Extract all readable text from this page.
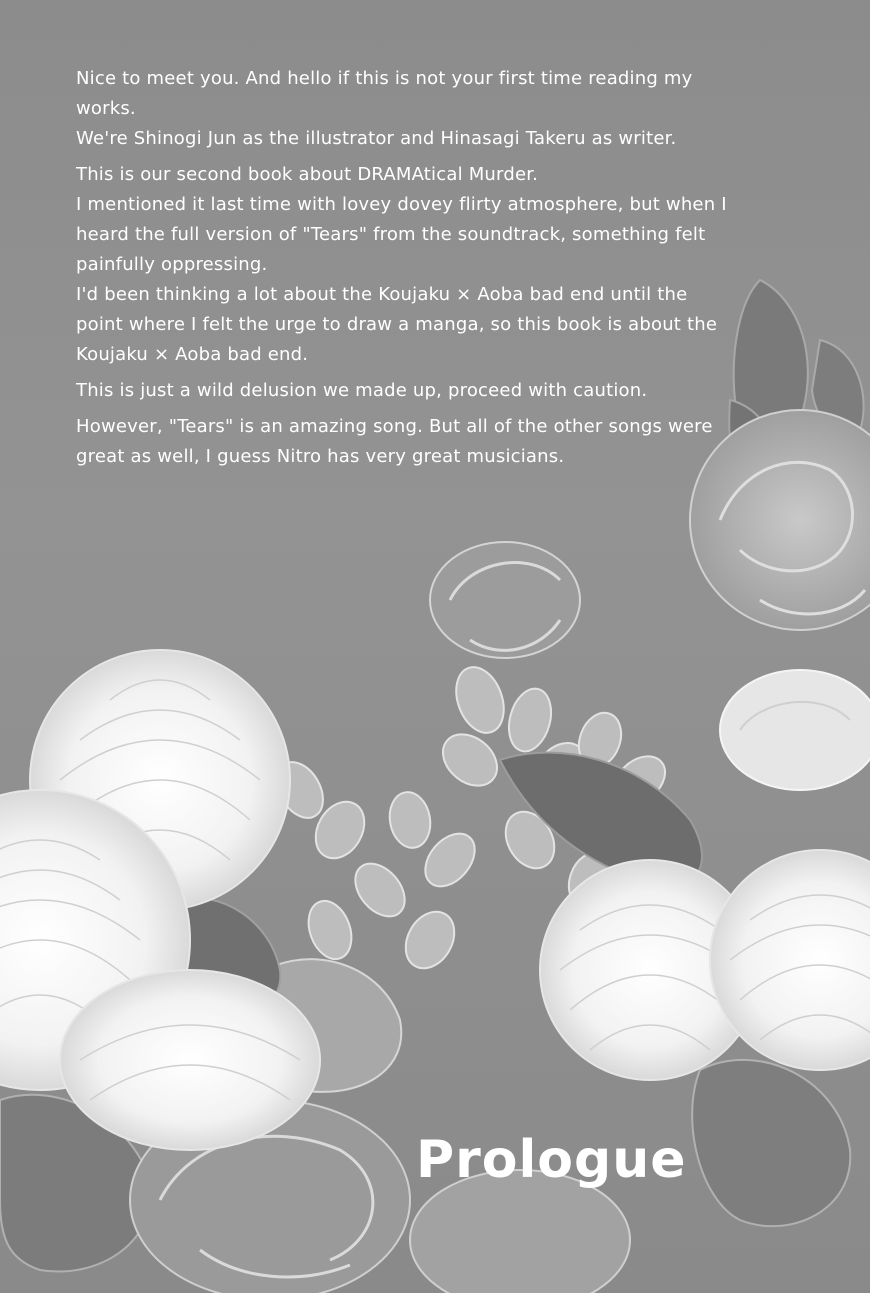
Nice to meet you. And hello if this is not your first time reading my works.
We're Shinogi Jun as the illustrator and Hinasagi Takeru as writer.

This is our second book about DRAMAtical Murder.
I mentioned it last time with lovey dovey flirty atmosphere, but when I heard the full version of "Tears" from the soundtrack, something felt painfully oppressing.
I'd been thinking a lot about the Koujaku × Aoba bad end until the point where I felt the urge to draw a manga, so this book is about the Koujaku × Aoba bad end.

This is just a wild delusion we made up, proceed with caution.

However, "Tears" is an amazing song. But all of the other songs were great as well, I guess Nitro has very great musicians.

Prologue
